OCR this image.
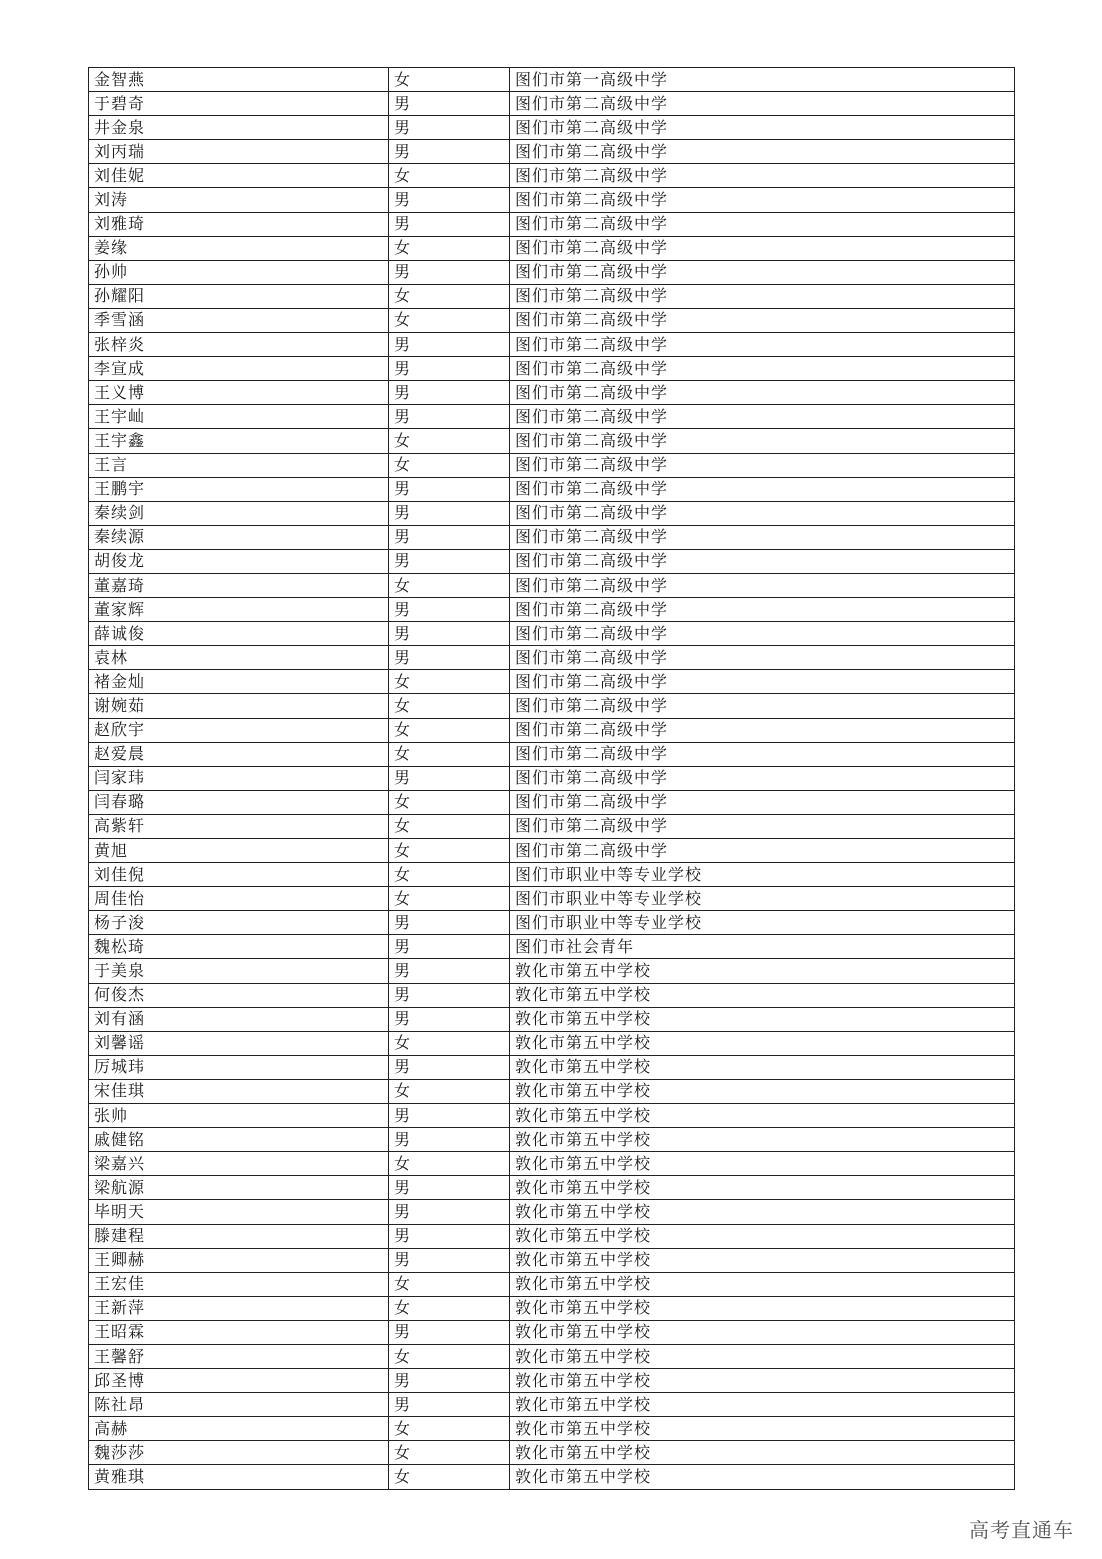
金智燕	女	图们市第一高级中学
于碧奇	男	图们市第二高级中学
井金泉	男	图们市第二高级中学
刘丙瑞	男	图们市第二高级中学
刘佳妮	女	图们市第二高级中学
刘涛	男	图们市第二高级中学
刘雅琦	男	图们市第二高级中学
姜缘	女	图们市第二高级中学
孙帅	男	图们市第二高级中学
孙耀阳	女	图们市第二高级中学
季雪涵	女	图们市第二高级中学
张梓炎	男	图们市第二高级中学
李宣成	男	图们市第二高级中学
王义博	男	图们市第二高级中学
王宇屾	男	图们市第二高级中学
王宇鑫	女	图们市第二高级中学
王言	女	图们市第二高级中学
王鹏宇	男	图们市第二高级中学
秦续剑	男	图们市第二高级中学
秦续源	男	图们市第二高级中学
胡俊龙	男	图们市第二高级中学
董嘉琦	女	图们市第二高级中学
董家辉	男	图们市第二高级中学
薛诚俊	男	图们市第二高级中学
袁林	男	图们市第二高级中学
褚金灿	女	图们市第二高级中学
谢婉茹	女	图们市第二高级中学
赵欣宇	女	图们市第二高级中学
赵爱晨	女	图们市第二高级中学
闫家玮	男	图们市第二高级中学
闫春璐	女	图们市第二高级中学
高紫轩	女	图们市第二高级中学
黄旭	女	图们市第二高级中学
刘佳倪	女	图们市职业中等专业学校
周佳怡	女	图们市职业中等专业学校
杨子浚	男	图们市职业中等专业学校
魏松琦	男	图们市社会青年
于美泉	男	敦化市第五中学校
何俊杰	男	敦化市第五中学校
刘有涵	男	敦化市第五中学校
刘馨谣	女	敦化市第五中学校
厉城玮	男	敦化市第五中学校
宋佳琪	女	敦化市第五中学校
张帅	男	敦化市第五中学校
戚健铭	男	敦化市第五中学校
梁嘉兴	女	敦化市第五中学校
梁航源	男	敦化市第五中学校
毕明天	男	敦化市第五中学校
滕建程	男	敦化市第五中学校
王卿赫	男	敦化市第五中学校
王宏佳	女	敦化市第五中学校
王新萍	女	敦化市第五中学校
王昭霖	男	敦化市第五中学校
王馨舒	女	敦化市第五中学校
邱圣博	男	敦化市第五中学校
陈社昂	男	敦化市第五中学校
高赫	女	敦化市第五中学校
魏莎莎	女	敦化市第五中学校
黄雅琪	女	敦化市第五中学校
高考直通车
